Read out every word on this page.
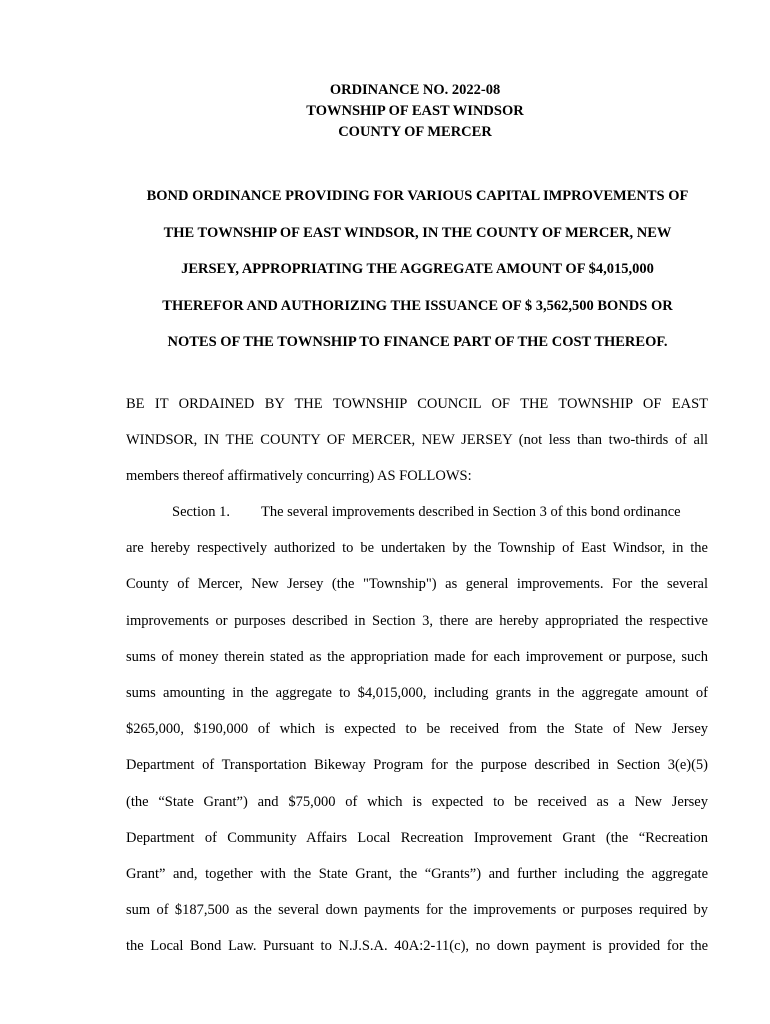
ORDINANCE NO. 2022-08
TOWNSHIP OF EAST WINDSOR
COUNTY OF MERCER
BOND ORDINANCE PROVIDING FOR VARIOUS CAPITAL IMPROVEMENTS OF
THE TOWNSHIP OF EAST WINDSOR, IN THE COUNTY OF MERCER, NEW
JERSEY, APPROPRIATING THE AGGREGATE AMOUNT OF $4,015,000
THEREFOR AND AUTHORIZING THE ISSUANCE OF $ 3,562,500 BONDS OR
NOTES OF THE TOWNSHIP TO FINANCE PART OF THE COST THEREOF.
BE IT ORDAINED BY THE TOWNSHIP COUNCIL OF THE TOWNSHIP OF EAST
WINDSOR, IN THE COUNTY OF MERCER, NEW JERSEY (not less than two-thirds of all
members thereof affirmatively concurring) AS FOLLOWS:
Section 1. The several improvements described in Section 3 of this bond ordinance
are hereby respectively authorized to be undertaken by the Township of East Windsor, in the
County of Mercer, New Jersey (the "Township") as general improvements. For the several
improvements or purposes described in Section 3, there are hereby appropriated the respective
sums of money therein stated as the appropriation made for each improvement or purpose, such
sums amounting in the aggregate to $4,015,000, including grants in the aggregate amount of
$265,000, $190,000 of which is expected to be received from the State of New Jersey
Department of Transportation Bikeway Program for the purpose described in Section 3(e)(5)
(the “State Grant”) and $75,000 of which is expected to be received as a New Jersey
Department of Community Affairs Local Recreation Improvement Grant (the “Recreation
Grant” and, together with the State Grant, the “Grants”) and further including the aggregate
sum of $187,500 as the several down payments for the improvements or purposes required by
the Local Bond Law. Pursuant to N.J.S.A. 40A:2-11(c), no down payment is provided for the
